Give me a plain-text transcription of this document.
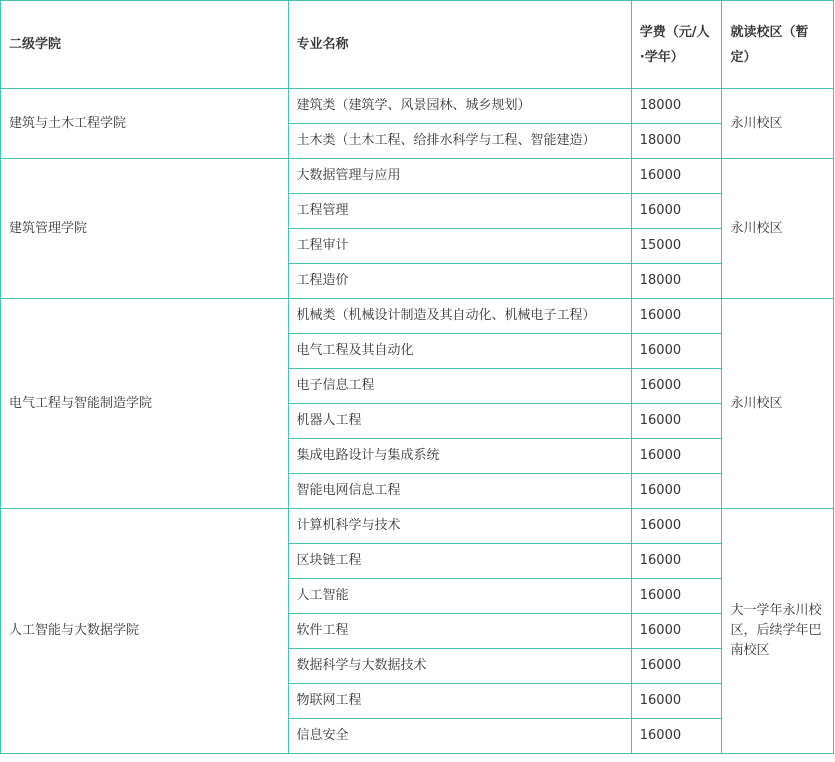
二级学院	专业名称	学费（元/人·学年）	就读校区（暂定）
建筑与土木工程学院	建筑类（建筑学、风景园林、城乡规划）	18000	永川校区
	土木类（土木工程、给排水科学与工程、智能建造）	18000	
建筑管理学院	大数据管理与应用	16000	永川校区
	工程管理	16000	
	工程审计	15000	
	工程造价	18000	
电气工程与智能制造学院	机械类（机械设计制造及其自动化、机械电子工程）	16000	永川校区
	电气工程及其自动化	16000	
	电子信息工程	16000	
	机器人工程	16000	
	集成电路设计与集成系统	16000	
	智能电网信息工程	16000	
人工智能与大数据学院	计算机科学与技术	16000	大一学年永川校区，后续学年巴南校区
	区块链工程	16000	
	人工智能	16000	
	软件工程	16000	
	数据科学与大数据技术	16000	
	物联网工程	16000	
	信息安全	16000	
